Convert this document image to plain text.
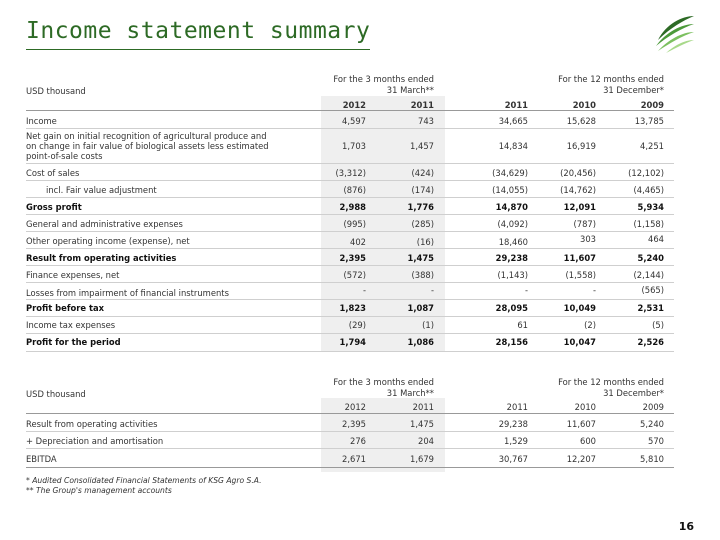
Income statement summary
USD thousand
For the 3 months ended
31 March**
For the 12 months ended
31 December*
2012	2011	2011	2010	2009
Income	4,597	743	34,665	15,628	13,785
Net gain on initial recognition of agricultural produce and on change in fair value of biological assets less estimated point-of-sale costs
1,703	1,457	14,834	16,919	4,251
Cost of sales	(3,312)	(424)	(34,629)	(20,456)	(12,102)
incl. Fair value adjustment	(876)	(174)	(14,055)	(14,762)	(4,465)
Gross profit	2,988	1,776	14,870	12,091	5,934
General and administrative expenses	(995)	(285)	(4,092)	(787)	(1,158)
Other operating income (expense), net	402	(16)	18,460	303	464
Result from operating activities	2,395	1,475	29,238	11,607	5,240
Finance expenses, net	(572)	(388)	(1,143)	(1,558)	(2,144)
Losses from impairment of financial instruments	-	-	-	-	(565)
Profit before tax	1,823	1,087	28,095	10,049	2,531
Income tax expenses	(29)	(1)	61	(2)	(5)
Profit for the period	1,794	1,086	28,156	10,047	2,526
USD thousand
For the 3 months ended
31 March**
For the 12 months ended
31 December*
2012	2011	2011	2010	2009
Result from operating activities	2,395	1,475	29,238	11,607	5,240
+ Depreciation and amortisation	276	204	1,529	600	570
EBITDA	2,671	1,679	30,767	12,207	5,810
* Audited Consolidated Financial Statements of KSG Agro S.A.
** The Group's management accounts
16
